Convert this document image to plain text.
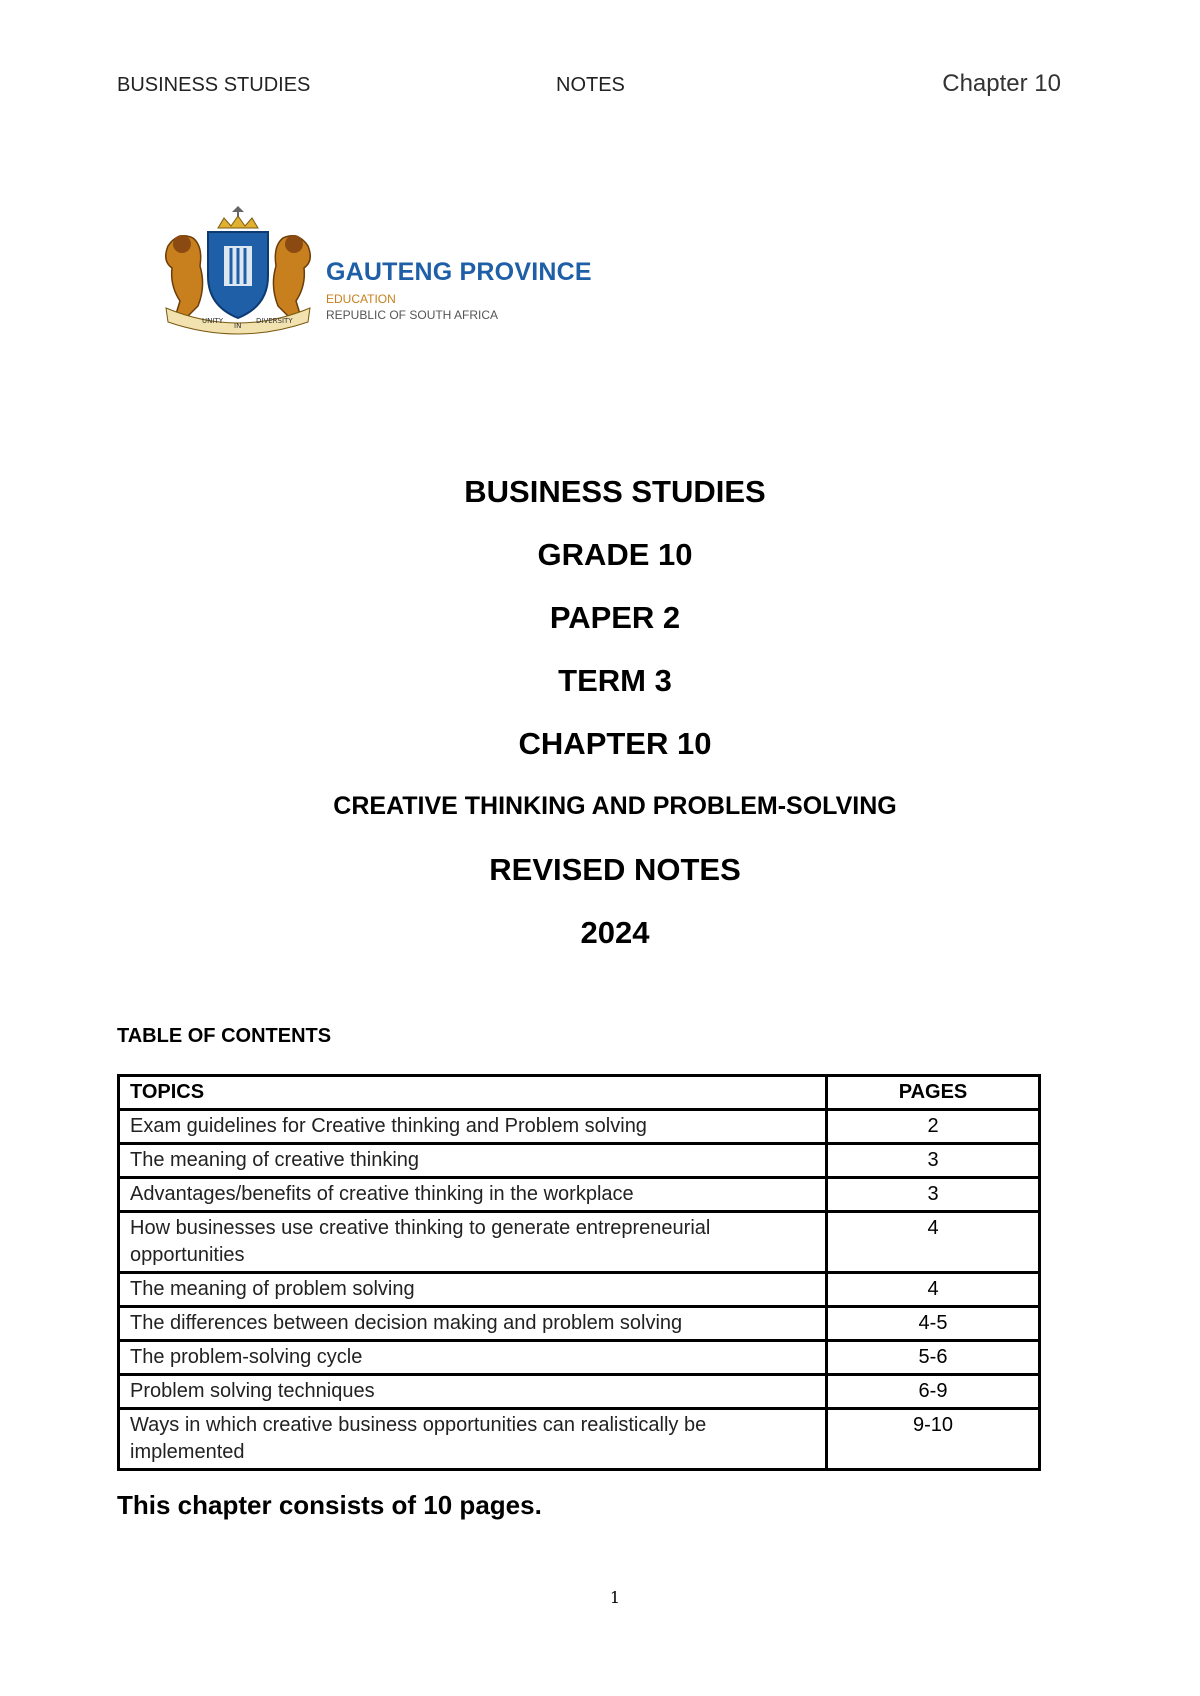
BUSINESS STUDIES	NOTES	Chapter 10
UNITY
IN
DIVERSITY
GAUTENG PROVINCE
EDUCATION
REPUBLIC OF SOUTH AFRICA

BUSINESS STUDIES

GRADE 10

PAPER 2

TERM 3

CHAPTER 10

CREATIVE THINKING AND PROBLEM-SOLVING

REVISED NOTES

2024

TABLE OF CONTENTS
TOPICS	PAGES
Exam guidelines for Creative thinking and Problem solving	2
The meaning of creative thinking	3
Advantages/benefits of creative thinking in the workplace	3
How businesses use creative thinking to generate entrepreneurial opportunities	4
The meaning of problem solving	4
The differences between decision making and problem solving	4-5
The problem-solving cycle	5-6
Problem solving techniques	6-9
Ways in which creative business opportunities can realistically be implemented	9-10
This chapter consists of 10 pages.
1
